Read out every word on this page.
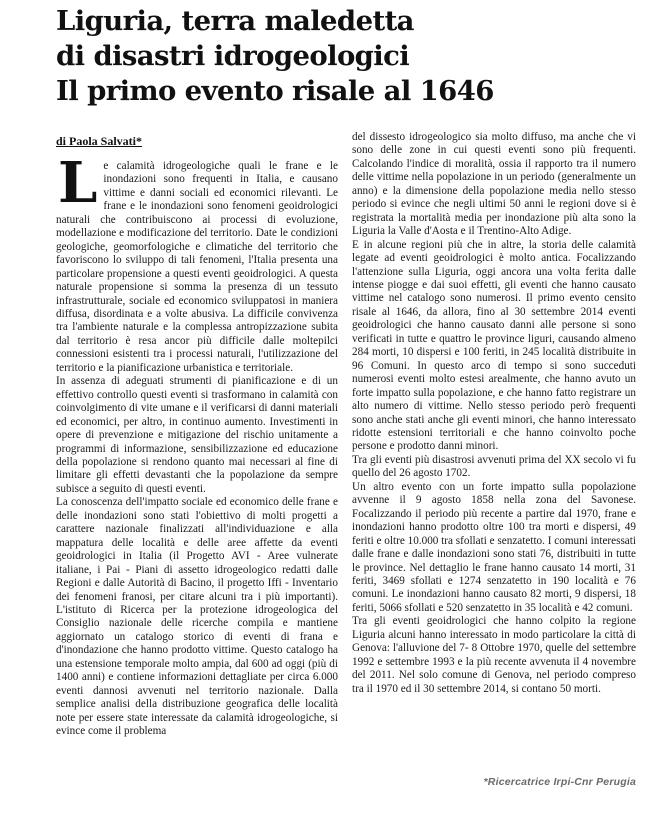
Liguria, terra maledetta
di disastri idrogeologici
Il primo evento risale al 1646
di Paola Salvati*

Le calamità idrogeologiche quali le frane e le inondazioni sono frequenti in Italia, e causano vittime e danni sociali ed economici rilevanti. Le frane e le inondazioni sono fenomeni geoidrologici naturali che contribuiscono ai processi di evoluzione, modellazione e modificazione del territorio. Date le condizioni geologiche, geomorfologiche e climatiche del territorio che favoriscono lo sviluppo di tali fenomeni, l'Italia presenta una particolare propensione a questi eventi geoidrologici. A questa naturale propensione si somma la presenza di un tessuto infrastrutturale, sociale ed economico sviluppatosi in maniera diffusa, disordinata e a volte abusiva. La difficile convivenza tra l'ambiente naturale e la complessa antropizzazione subita dal territorio è resa ancor più difficile dalle moltepilci connessioni esistenti tra i processi naturali, l'utilizzazione del territorio e la pianificazione urbanistica e territoriale.

In assenza di adeguati strumenti di pianificazione e di un effettivo controllo questi eventi si trasformano in calamità con coinvolgimento di vite umane e il verificarsi di danni materiali ed economici, per altro, in continuo aumento. Investimenti in opere di prevenzione e mitigazione del rischio unitamente a programmi di informazione, sensibilizzazione ed educazione della popolazione si rendono quanto mai necessari al fine di limitare gli effetti devastanti che la popolazione da sempre subisce a seguito di questi eventi.

La conoscenza dell'impatto sociale ed economico delle frane e delle inondazioni sono stati l'obiettivo di molti progetti a carattere nazionale finalizzati all'individuazione e alla mappatura delle località e delle aree affette da eventi geoidrologici in Italia (il Progetto AVI - Aree vulnerate italiane, i Pai - Piani di assetto idrogeologico redatti dalle Regioni e dalle Autorità di Bacino, il progetto Iffi - Inventario dei fenomeni franosi, per citare alcuni tra i più importanti). L'istituto di Ricerca per la protezione idrogeologica del Consiglio nazionale delle ricerche compila e mantiene aggiornato un catalogo storico di eventi di frana e d'inondazione che hanno prodotto vittime. Questo catalogo ha una estensione temporale molto ampia, dal 600 ad oggi (più di 1400 anni) e contiene informazioni dettagliate per circa 6.000 eventi dannosi avvenuti nel territorio nazionale. Dalla semplice analisi della distribuzione geografica delle località note per essere state interessate da calamità idrogeologiche, si evince come il problema

del dissesto idrogeologico sia molto diffuso, ma anche che vi sono delle zone in cui questi eventi sono più frequenti. Calcolando l'indice di moralità, ossia il rapporto tra il numero delle vittime nella popolazione in un periodo (generalmente un anno) e la dimensione della popolazione media nello stesso periodo si evince che negli ultimi 50 anni le regioni dove si è registrata la mortalità media per inondazione più alta sono la Liguria la Valle d'Aosta e il Trentino-Alto Adige.

E in alcune regioni più che in altre, la storia delle calamità legate ad eventi geoidrologici è molto antica. Focalizzando l'attenzione sulla Liguria, oggi ancora una volta ferita dalle intense piogge e dai suoi effetti, gli eventi che hanno causato vittime nel catalogo sono numerosi. Il primo evento censito risale al 1646, da allora, fino al 30 settembre 2014 eventi geoidrologici che hanno causato danni alle persone si sono verificati in tutte e quattro le province liguri, causando almeno 284 morti, 10 dispersi e 100 feriti, in 245 località distribuite in 96 Comuni. In questo arco di tempo si sono succeduti numerosi eventi molto estesi arealmente, che hanno avuto un forte impatto sulla popolazione, e che hanno fatto registrare un alto numero di vittime. Nello stesso periodo però frequenti sono anche stati anche gli eventi minori, che hanno interessato ridotte estensioni territoriali e che hanno coinvolto poche persone e prodotto danni minori.

Tra gli eventi più disastrosi avvenuti prima del XX secolo vi fu quello del 26 agosto 1702.

Un altro evento con un forte impatto sulla popolazione avvenne il 9 agosto 1858 nella zona del Savonese. Focalizzando il periodo più recente a partire dal 1970, frane e inondazioni hanno prodotto oltre 100 tra morti e dispersi, 49 feriti e oltre 10.000 tra sfollati e senzatetto. I comuni interessati dalle frane e dalle inondazioni sono stati 76, distribuiti in tutte le province. Nel dettaglio le frane hanno causato 14 morti, 31 feriti, 3469 sfollati e 1274 senzatetto in 190 località e 76 comuni. Le inondazioni hanno causato 82 morti, 9 dispersi, 18 feriti, 5066 sfollati e 520 senzatetto in 35 località e 42 comuni.

Tra gli eventi geoidrologici che hanno colpito la regione Liguria alcuni hanno interessato in modo particolare la città di Genova: l'alluvione del 7- 8 Ottobre 1970, quelle del settembre 1992 e settembre 1993 e la più recente avvenuta il 4 novembre del 2011. Nel solo comune di Genova, nel periodo compreso tra il 1970 ed il 30 settembre 2014, si contano 50 morti.

*Ricercatrice Irpi-Cnr Perugia
